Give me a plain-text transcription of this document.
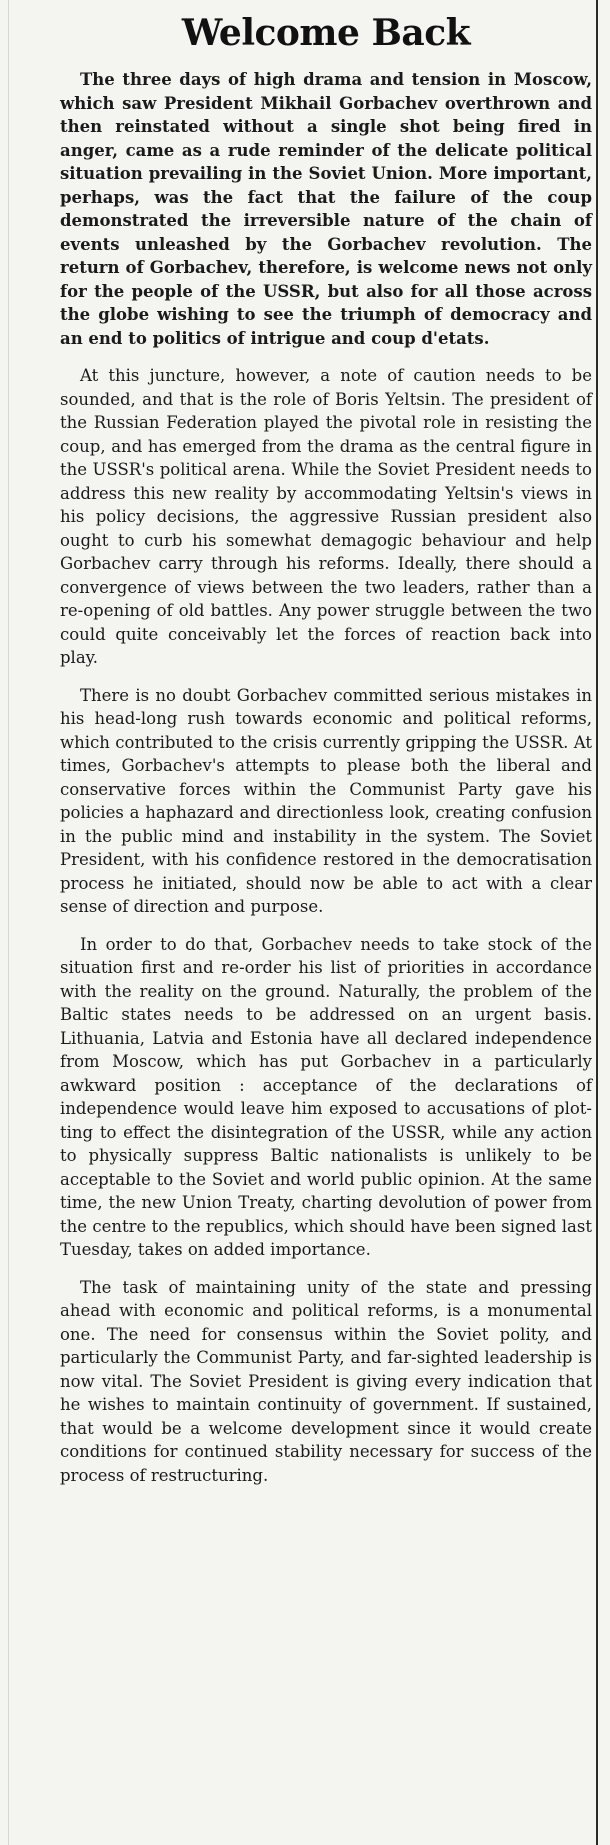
Welcome Back

The three days of high drama and tension in Moscow, which saw President Mikhail Gorbachev overthrown and then reinstated without a single shot being fired in anger, came as a rude reminder of the delicate political situation prevailing in the Soviet Union. More important, perhaps, was the fact that the failure of the coup demonstrated the irreversible nature of the chain of events unleashed by the Gorbachev revolution. The return of Gorbachev, therefore, is welcome news not only for the people of the USSR, but also for all those across the globe wishing to see the triumph of democracy and an end to politics of intrigue and coup d'etats.

At this juncture, however, a note of caution needs to be sounded, and that is the role of Boris Yeltsin. The president of the Russian Federation played the pivotal role in resisting the coup, and has emerged from the drama as the central figure in the USSR's political arena. While the Soviet President needs to address this new reality by accommodating Yeltsin's views in his policy decisions, the aggressive Russian president also ought to curb his somewhat demagogic behaviour and help Gorbachev carry through his reforms. Ideally, there should a convergence of views between the two leaders, rather than a re-opening of old battles. Any power struggle between the two could quite conceivably let the forces of reaction back into play.

There is no doubt Gorbachev committed serious mistakes in his head-long rush towards economic and political reforms, which contributed to the crisis currently gripping the USSR. At times, Gorbachev's attempts to please both the liberal and conservative forces within the Communist Party gave his policies a haphazard and directionless look, creating confusion in the public mind and instability in the system. The Soviet President, with his confidence restored in the democratisation process he initiated, should now be able to act with a clear sense of direction and purpose.

In order to do that, Gorbachev needs to take stock of the situation first and re-order his list of priorities in accordance with the reality on the ground. Naturally, the problem of the Baltic states needs to be addressed on an urgent basis. Lithuania, Latvia and Estonia have all declared independence from Moscow, which has put Gorbachev in a particularly awkward position : acceptance of the declarations of independence would leave him exposed to accusations of plotting to effect the disintegration of the USSR, while any action to physically suppress Baltic nationalists is unlikely to be acceptable to the Soviet and world public opinion. At the same time, the new Union Treaty, charting devolution of power from the centre to the republics, which should have been signed last Tuesday, takes on added importance.

The task of maintaining unity of the state and pressing ahead with economic and political reforms, is a monumental one. The need for consensus within the Soviet polity, and particularly the Communist Party, and far-sighted leadership is now vital. The Soviet President is giving every indication that he wishes to maintain continuity of government. If sustained, that would be a welcome development since it would create conditions for continued stability necessary for success of the process of restructuring.
